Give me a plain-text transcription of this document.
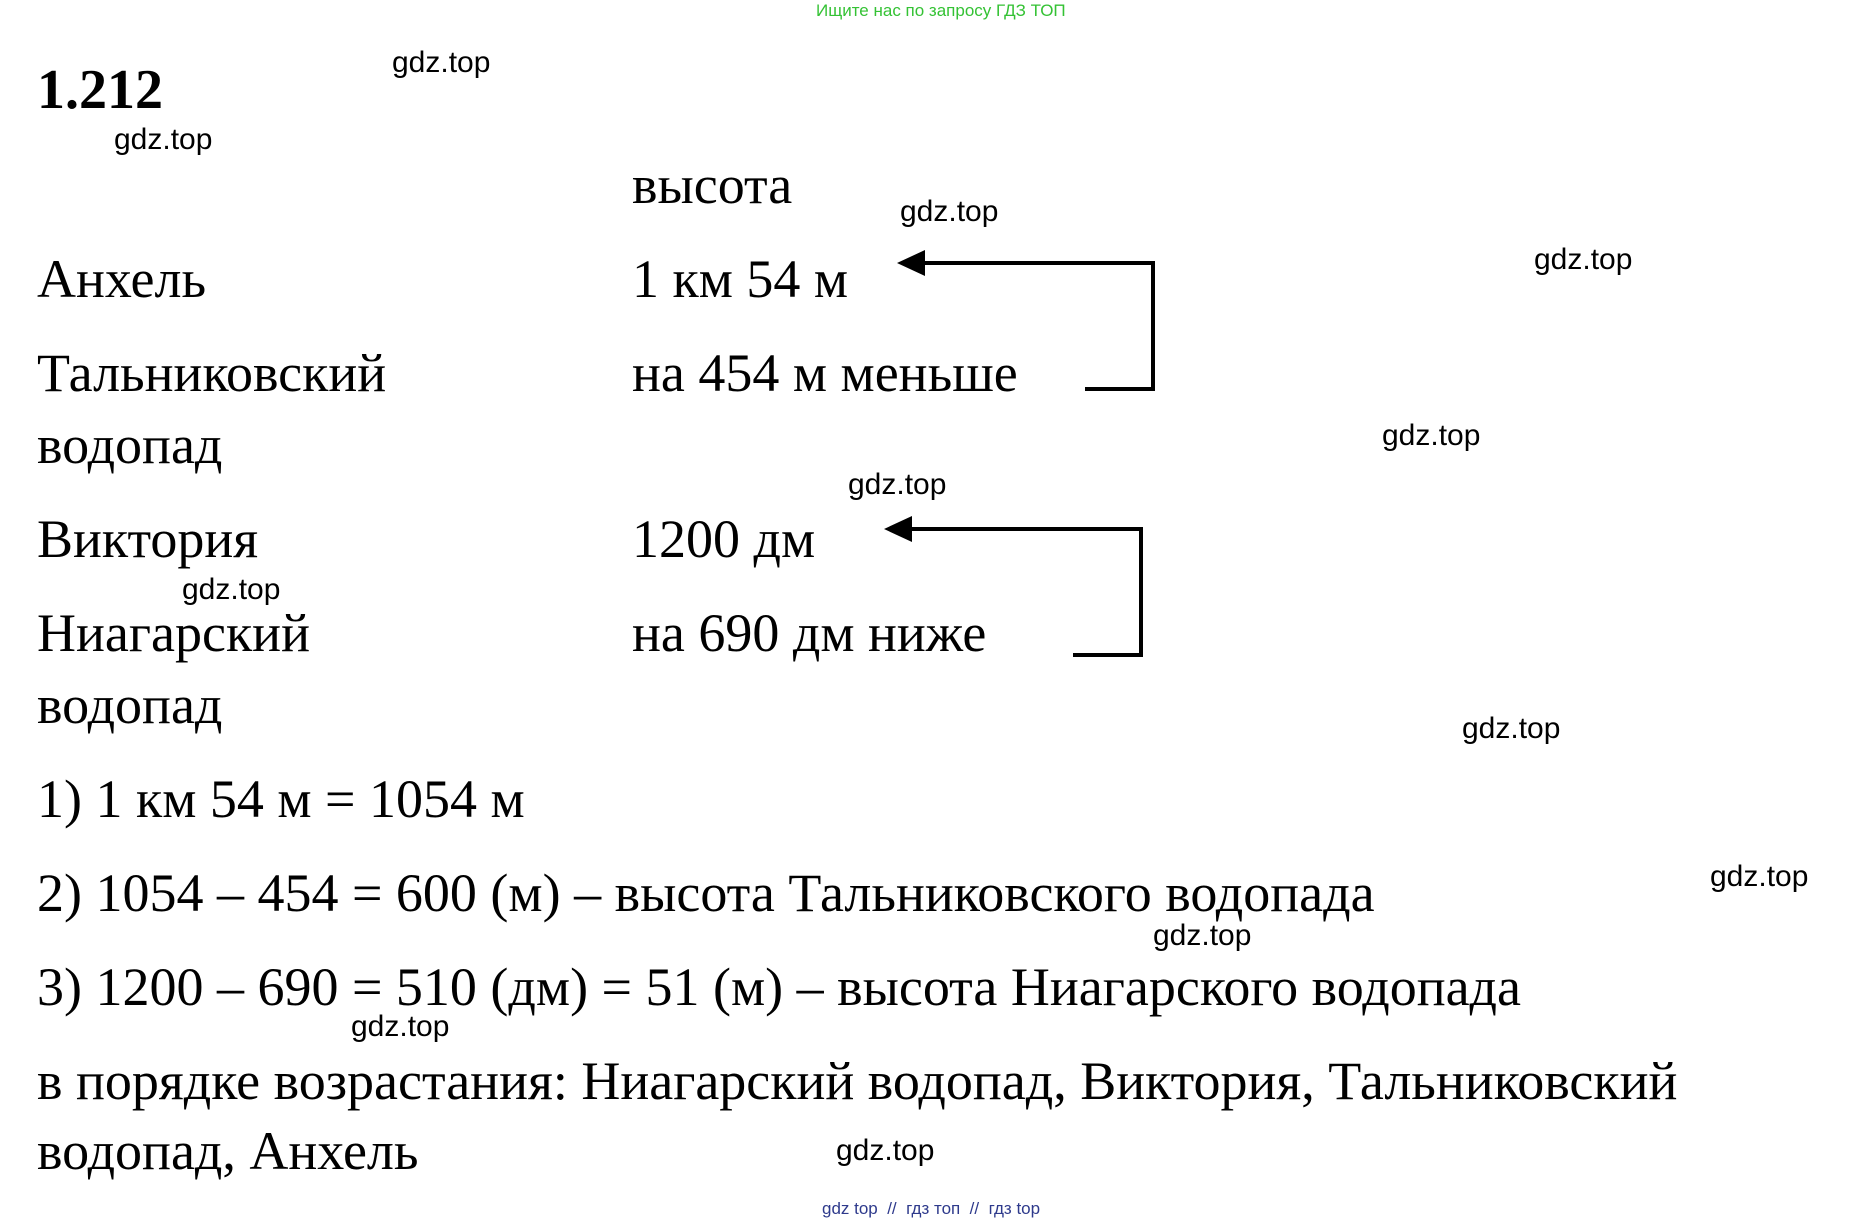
Ищите нас по запросу ГДЗ ТОП
1.212
высота
Анхель	1 км 54 м
Тальниковский
водопад
на 454 м меньше
Виктория	1200 дм
Ниагарский
водопад
на 690 дм ниже
1) 1 км 54 м = 1054 м
2) 1054 – 454 = 600 (м) – высота Тальниковского водопада
3) 1200 – 690 = 510 (дм) = 51 (м) – высота Ниагарского водопада
в порядке возрастания: Ниагарский водопад, Виктория, Тальниковский
водопад, Анхель
gdz.top
gdz.top
gdz.top
gdz.top
gdz.top
gdz.top
gdz.top
gdz.top
gdz.top
gdz.top
gdz.top
gdz.top
gdz top  //  гдз топ  //  гдз top
